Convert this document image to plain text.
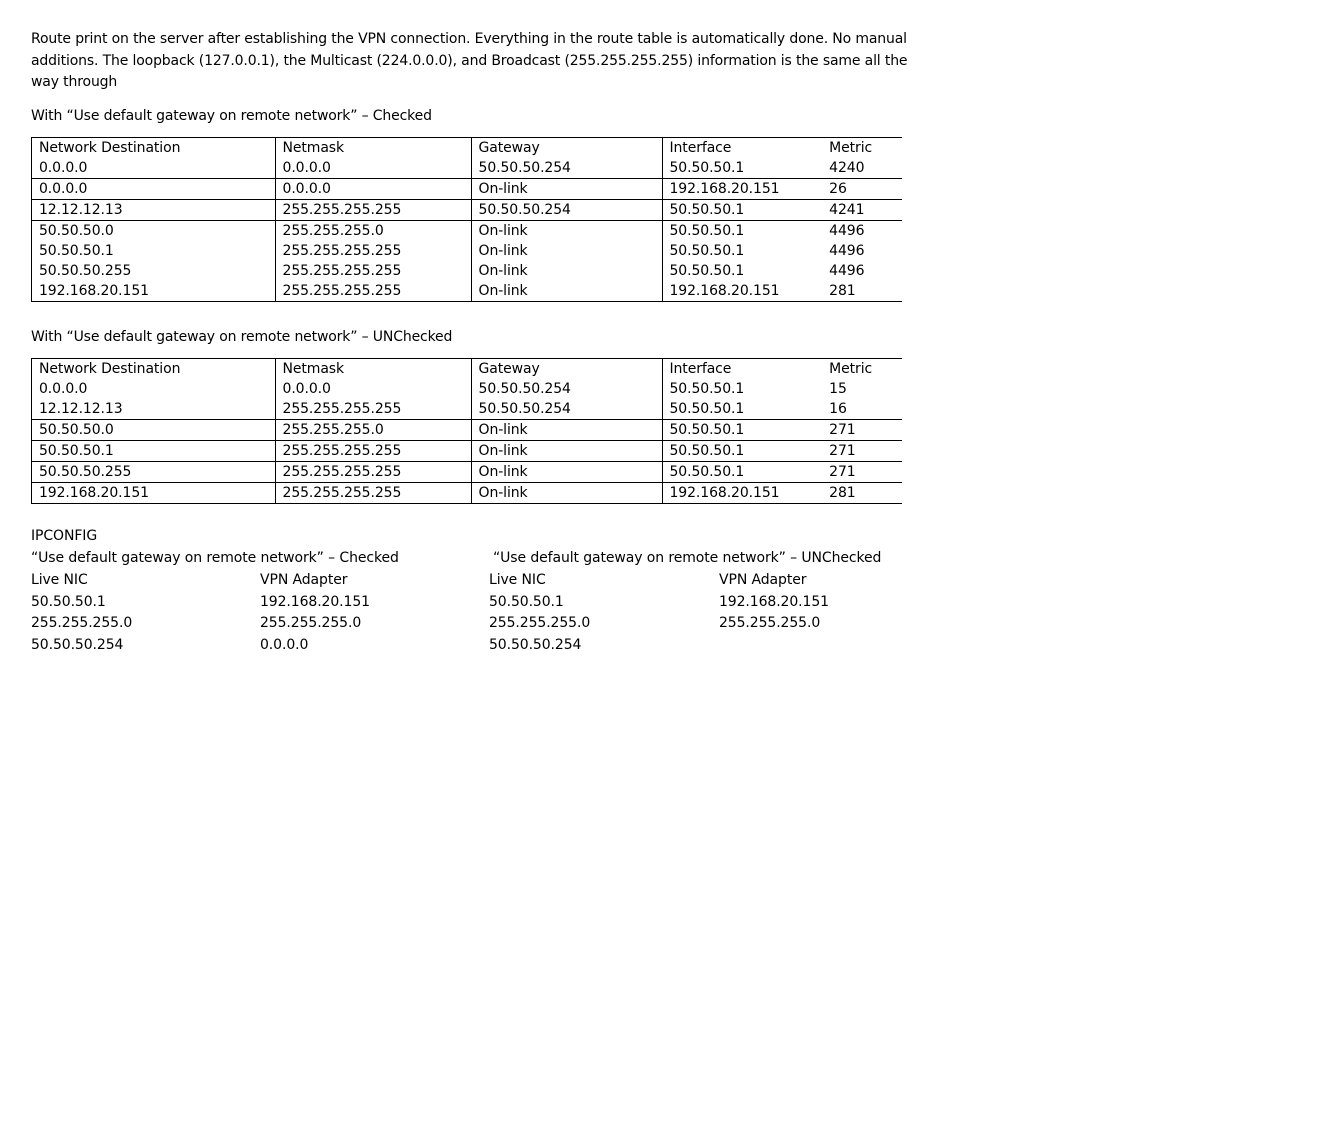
Route print on the server after establishing the VPN connection. Everything in the route table is automatically done. No manual additions. The loopback (127.0.0.1), the Multicast (224.0.0.0), and Broadcast (255.255.255.255) information is the same all the way through

With “Use default gateway on remote network” – Checked

Network Destination	Netmask	Gateway	Interface	Metric
0.0.0.0	0.0.0.0	50.50.50.254	50.50.50.1	4240
0.0.0.0	0.0.0.0	On-link	192.168.20.151	26
12.12.12.13	255.255.255.255	50.50.50.254	50.50.50.1	4241
50.50.50.0	255.255.255.0	On-link	50.50.50.1	4496
50.50.50.1	255.255.255.255	On-link	50.50.50.1	4496
50.50.50.255	255.255.255.255	On-link	50.50.50.1	4496
192.168.20.151	255.255.255.255	On-link	192.168.20.151	281

With “Use default gateway on remote network” – UNChecked

Network Destination	Netmask	Gateway	Interface	Metric
0.0.0.0	0.0.0.0	50.50.50.254	50.50.50.1	15
12.12.12.13	255.255.255.255	50.50.50.254	50.50.50.1	16
50.50.50.0	255.255.255.0	On-link	50.50.50.1	271
50.50.50.1	255.255.255.255	On-link	50.50.50.1	271
50.50.50.255	255.255.255.255	On-link	50.50.50.1	271
192.168.20.151	255.255.255.255	On-link	192.168.20.151	281
IPCONFIG
“Use default gateway on remote network” – Checked
Live NIC	VPN Adapter
50.50.50.1	192.168.20.151
255.255.255.0	255.255.255.0
50.50.50.254	0.0.0.0
“Use default gateway on remote network” – UNChecked
Live NIC	VPN Adapter
50.50.50.1	192.168.20.151
255.255.255.0	255.255.255.0
50.50.50.254
